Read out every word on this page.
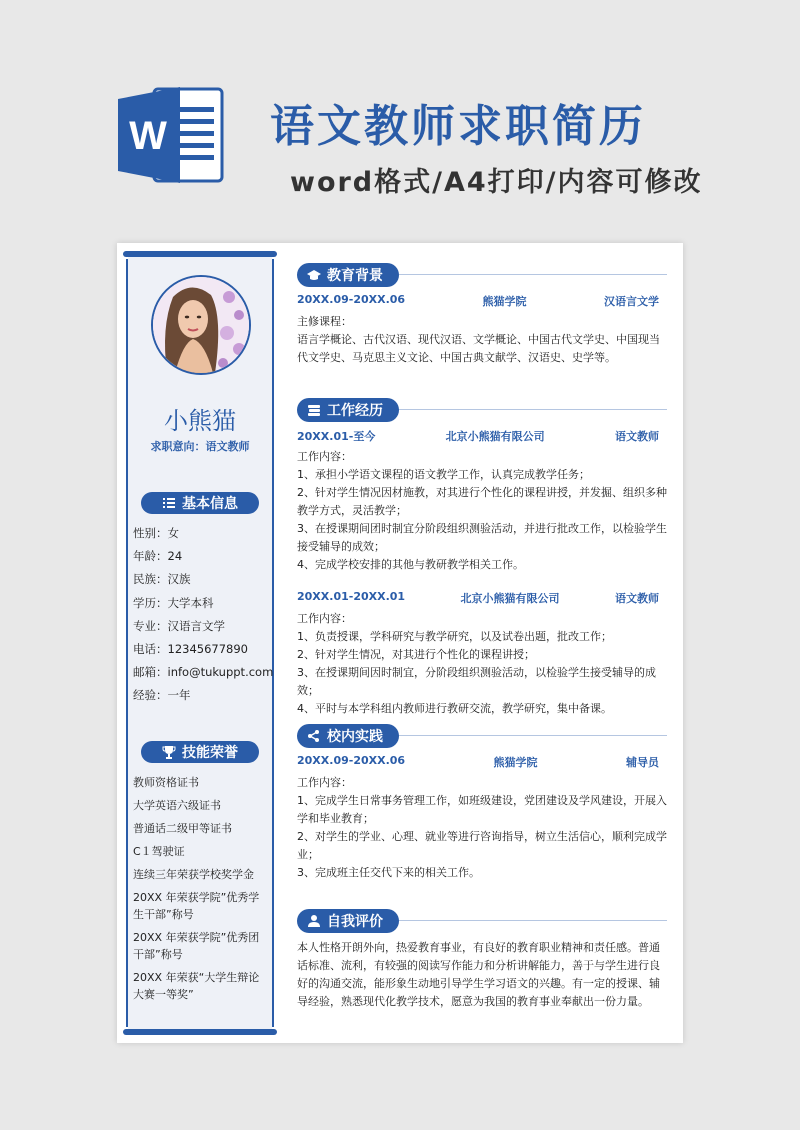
W 语文教师求职简历
word格式/A4打印/内容可修改
小熊猫
求职意向：语文教师
基本信息
性别：女
年龄：24
民族：汉族
学历：大学本科
专业：汉语言文学
电话：12345677890
邮箱：info@tukuppt.com
经验：一年
技能荣誉
教师资格证书
大学英语六级证书
普通话二级甲等证书
C１驾驶证
连续三年荣获学校奖学金
20XX 年荣获学院”优秀学生干部”称号
20XX 年荣获学院”优秀团干部”称号
20XX 年荣获“大学生辩论大赛一等奖”
教育背景
20XX.09-20XX.06	熊猫学院	汉语言文学
主修课程：
语言学概论、古代汉语、现代汉语、文学概论、中国古代文学史、中国现当代文学史、马克思主义文论、中国古典文献学、汉语史、史学等。
工作经历
20XX.01-至今	北京小熊猫有限公司	语文教师
工作内容：
1、承担小学语文课程的语文教学工作，认真完成教学任务；
2、针对学生情况因材施教，对其进行个性化的课程讲授，并发掘、组织多种教学方式，灵活教学；
3、在授课期间团时制宜分阶段组织测验活动，并进行批改工作，以检验学生接受辅导的成效；
4、完成学校安排的其他与教研教学相关工作。
20XX.01-20XX.01	北京小熊猫有限公司	语文教师
工作内容：
1、负责授课，学科研究与教学研究，以及试卷出题，批改工作；
2、针对学生情况，对其进行个性化的课程讲授；
3、在授课期间因时制宜，分阶段组织测验活动，以检验学生接受辅导的成效；
4、平时与本学科组内教师进行教研交流，教学研究，集中备课。
校内实践
20XX.09-20XX.06	熊猫学院	辅导员
工作内容：
1、完成学生日常事务管理工作，如班级建设，党团建设及学风建设，开展入学和毕业教育；
2、对学生的学业、心理、就业等进行咨询指导，树立生活信心，顺利完成学业；
3、完成班主任交代下来的相关工作。
自我评价
本人性格开朗外向，热爱教育事业，有良好的教育职业精神和责任感。普通话标准、流利，有较强的阅读写作能力和分析讲解能力，善于与学生进行良好的沟通交流，能形象生动地引导学生学习语文的兴趣。有一定的授课、辅导经验，熟悉现代化教学技术，愿意为我国的教育事业奉献出一份力量。
